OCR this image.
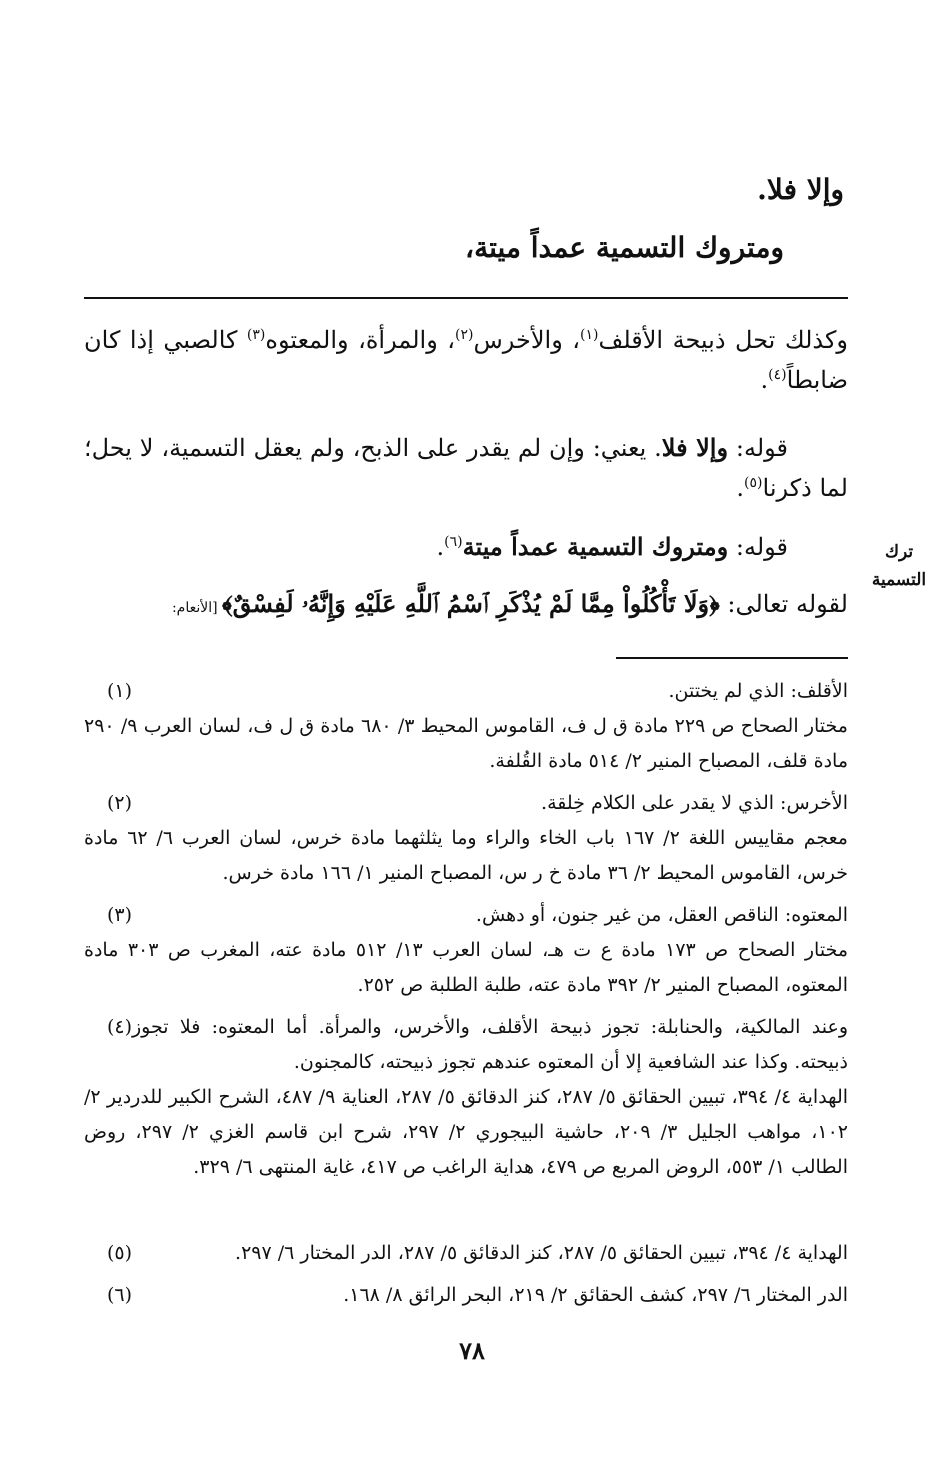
وإلا فلا.
ومتروك التسمية عمداً ميتة،
وكذلك تحل ذبيحة الأقلف$^{(١)}$، والأخرس$^{(٢)}$، والمرأة، والمعتوه$^{(٣)}$ كالصبي إذا كان ضابطاً$^{(٤)}$.
قوله: وإلا فلا. يعني: وإن لم يقدر على الذبح، ولم يعقل التسمية، لا يحل؛ لما ذكرنا$^{(٥)}$.
قوله: ومتروك التسمية عمداً ميتة$^{(٦)}$.
لقوله تعالى: ﴿وَلَا تَأْكُلُواْ مِمَّا لَمْ يُذْكَرِ ٱسْمُ ٱللَّهِ عَلَيْهِ وَإِنَّهُۥ لَفِسْقٌ﴾ [الأنعام:
ترك
التسمية
(١)	الأقلف: الذي لم يختتن.
مختار الصحاح ص ٢٢٩ مادة ق ل ف، القاموس المحيط ٣/ ٦٨٠ مادة ق ل ف، لسان العرب ٩/ ٢٩٠ مادة قلف، المصباح المنير ٢/ ٥١٤ مادة القُلفة.
(٢)	الأخرس: الذي لا يقدر على الكلام خِلقة.
معجم مقاييس اللغة ٢/ ١٦٧ باب الخاء والراء وما يثلثهما مادة خرس، لسان العرب ٦/ ٦٢ مادة خرس، القاموس المحيط ٢/ ٣٦ مادة خ ر س، المصباح المنير ١/ ١٦٦ مادة خرس.
(٣)	المعتوه: الناقص العقل، من غير جنون، أو دهش.
مختار الصحاح ص ١٧٣ مادة ع ت هـ، لسان العرب ١٣/ ٥١٢ مادة عته، المغرب ص ٣٠٣ مادة المعتوه، المصباح المنير ٢/ ٣٩٢ مادة عته، طلبة الطلبة ص ٢٥٢.
(٤) وعند المالكية، والحنابلة: تجوز ذبيحة الأقلف، والأخرس، والمرأة. أما المعتوه: فلا تجوز ذبيحته. وكذا عند الشافعية إلا أن المعتوه عندهم تجوز ذبيحته، كالمجنون.
الهداية ٤/ ٣٩٤، تبيين الحقائق ٥/ ٢٨٧، كنز الدقائق ٥/ ٢٨٧، العناية ٩/ ٤٨٧، الشرح الكبير للدردير ٢/ ١٠٢، مواهب الجليل ٣/ ٢٠٩، حاشية البيجوري ٢/ ٢٩٧، شرح ابن قاسم الغزي ٢/ ٢٩٧، روض الطالب ١/ ٥٥٣، الروض المربع ص ٤٧٩، هداية الراغب ص ٤١٧، غاية المنتهى ٦/ ٣٢٩.
(٥)	الهداية ٤/ ٣٩٤، تبيين الحقائق ٥/ ٢٨٧، كنز الدقائق ٥/ ٢٨٧، الدر المختار ٦/ ٢٩٧.
(٦)	الدر المختار ٦/ ٢٩٧، كشف الحقائق ٢/ ٢١٩، البحر الرائق ٨/ ١٦٨.
٧٨
